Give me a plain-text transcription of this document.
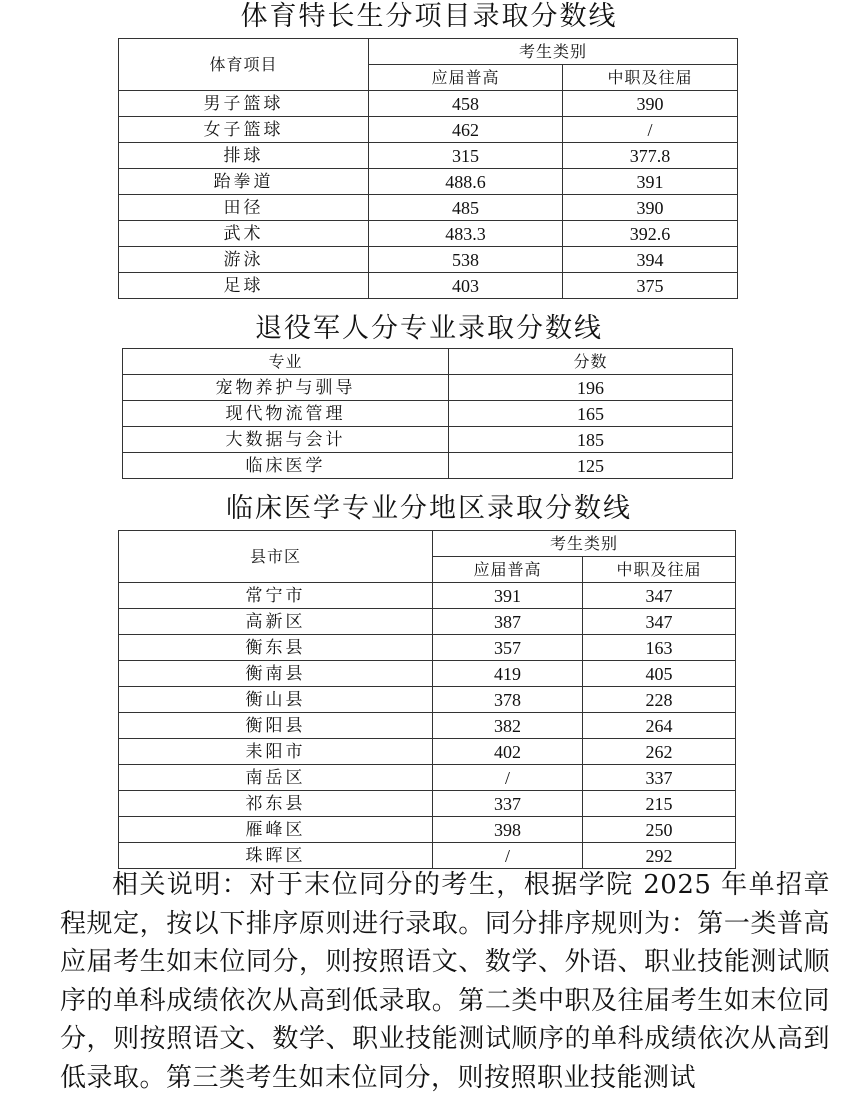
体育特长生分项目录取分数线
体育项目	考生类别	
	应届普高	中职及往届
男子篮球	458	390
女子篮球	462	/
排球	315	377.8
跆拳道	488.6	391
田径	485	390
武术	483.3	392.6
游泳	538	394
足球	403	375
退役军人分专业录取分数线
专业	分数
宠物养护与驯导	196
现代物流管理	165
大数据与会计	185
临床医学	125
临床医学专业分地区录取分数线
县市区	考生类别	
	应届普高	中职及往届
常宁市	391	347
高新区	387	347
衡东县	357	163
衡南县	419	405
衡山县	378	228
衡阳县	382	264
耒阳市	402	262
南岳区	/	337
祁东县	337	215
雁峰区	398	250
珠晖区	/	292

相关说明：对于末位同分的考生，根据学院 2025 年单招章程规定，按以下排序原则进行录取。同分排序规则为：第一类普高应届考生如末位同分，则按照语文、数学、外语、职业技能测试顺序的单科成绩依次从高到低录取。第二类中职及往届考生如末位同分，则按照语文、数学、职业技能测试顺序的单科成绩依次从高到低录取。第三类考生如末位同分，则按照职业技能测试
